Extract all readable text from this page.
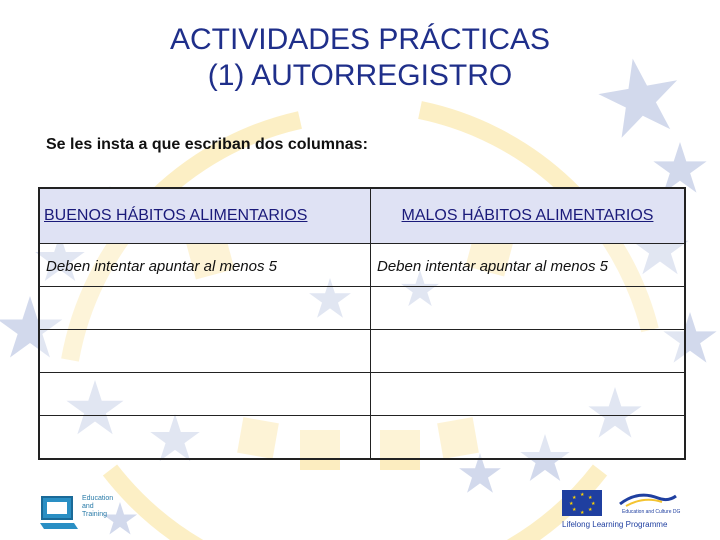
ACTIVIDADES PRÁCTICAS
(1) AUTORREGISTRO
Se les insta a que escriban dos columnas:
BUENOS HÁBITOS ALIMENTARIOS	MALOS HÁBITOS ALIMENTARIOS
Deben intentar apuntar al menos 5	Deben intentar apuntar al menos 5

Education and Training
★ ★
★
★
★
★
★
★
Education and Culture DG
Lifelong Learning Programme
